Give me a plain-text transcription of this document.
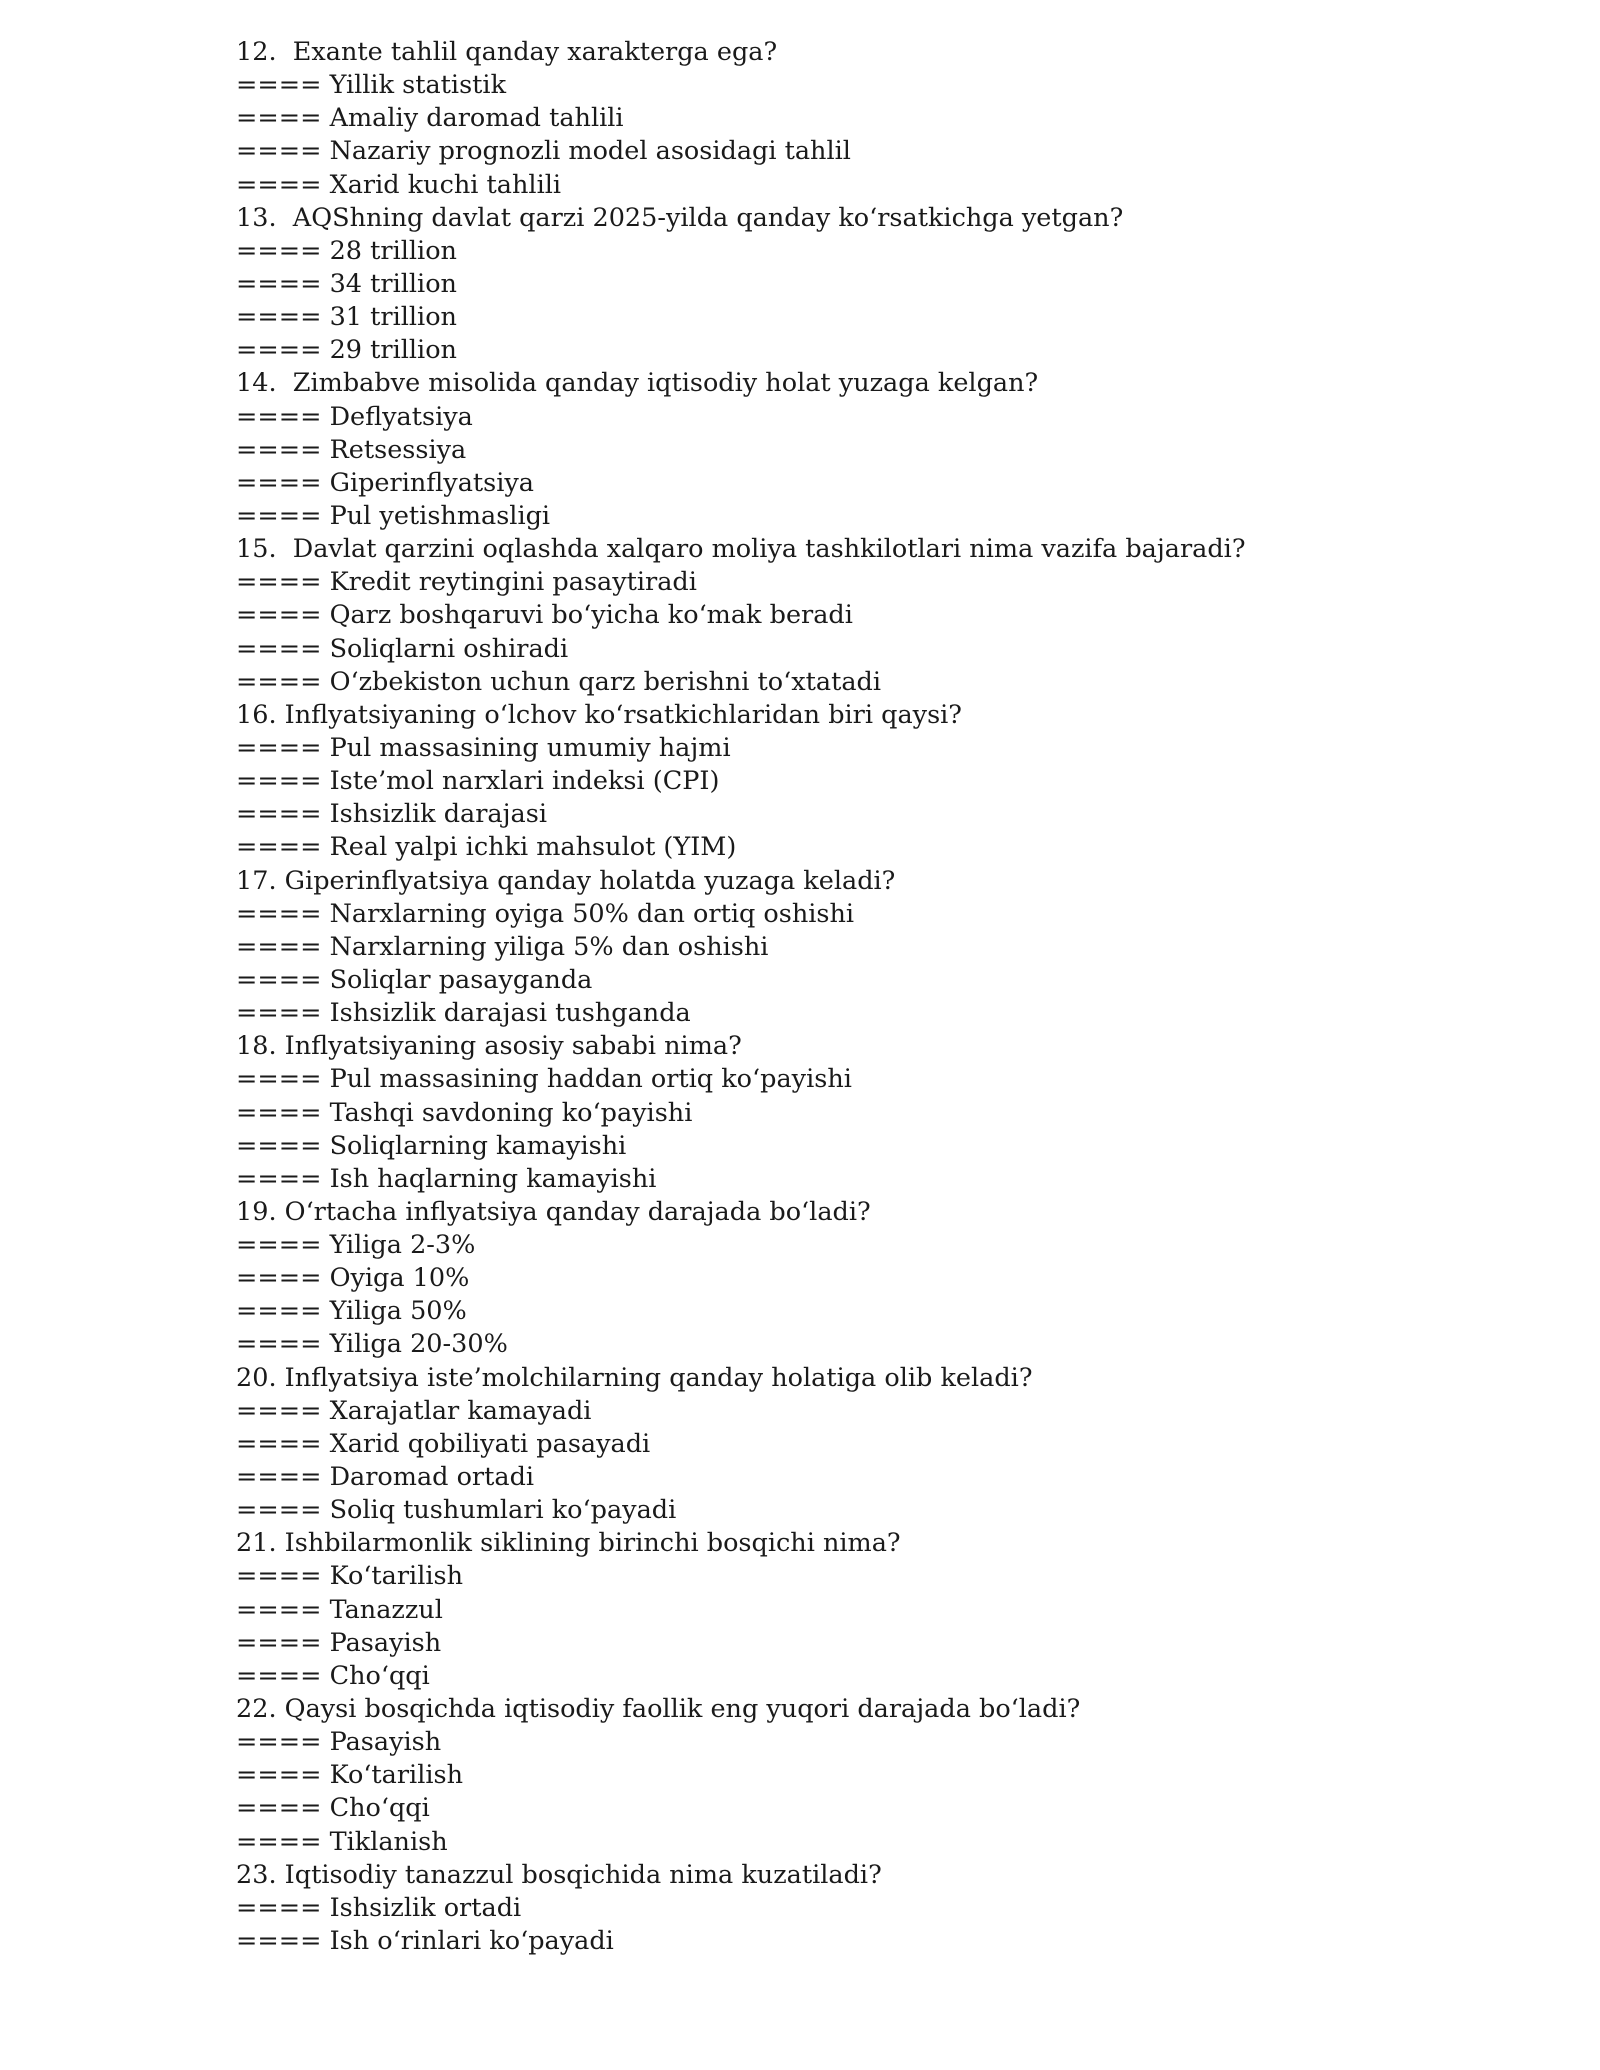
12.  Exante tahlil qanday xarakterga ega?
==== Yillik statistik
==== Amaliy daromad tahlili
==== Nazariy prognozli model asosidagi tahlil
==== Xarid kuchi tahlili
13.  AQShning davlat qarzi 2025-yilda qanday ko‘rsatkichga yetgan?
==== 28 trillion
==== 34 trillion
==== 31 trillion
==== 29 trillion
14.  Zimbabve misolida qanday iqtisodiy holat yuzaga kelgan?
==== Deflyatsiya
==== Retsessiya
==== Giperinflyatsiya
==== Pul yetishmasligi
15.  Davlat qarzini oqlashda xalqaro moliya tashkilotlari nima vazifa bajaradi?
==== Kredit reytingini pasaytiradi
==== Qarz boshqaruvi bo‘yicha ko‘mak beradi
==== Soliqlarni oshiradi
==== O‘zbekiston uchun qarz berishni to‘xtatadi
16. Inflyatsiyaning o‘lchov ko‘rsatkichlaridan biri qaysi?
==== Pul massasining umumiy hajmi
==== Iste’mol narxlari indeksi (CPI)
==== Ishsizlik darajasi
==== Real yalpi ichki mahsulot (YIM)
17. Giperinflyatsiya qanday holatda yuzaga keladi?
==== Narxlarning oyiga 50% dan ortiq oshishi
==== Narxlarning yiliga 5% dan oshishi
==== Soliqlar pasayganda
==== Ishsizlik darajasi tushganda
18. Inflyatsiyaning asosiy sababi nima?
==== Pul massasining haddan ortiq ko‘payishi
==== Tashqi savdoning ko‘payishi
==== Soliqlarning kamayishi
==== Ish haqlarning kamayishi
19. O‘rtacha inflyatsiya qanday darajada bo‘ladi?
==== Yiliga 2-3%
==== Oyiga 10%
==== Yiliga 50%
==== Yiliga 20-30%
20. Inflyatsiya iste’molchilarning qanday holatiga olib keladi?
==== Xarajatlar kamayadi
==== Xarid qobiliyati pasayadi
==== Daromad ortadi
==== Soliq tushumlari ko‘payadi
21. Ishbilarmonlik siklining birinchi bosqichi nima?
==== Ko‘tarilish
==== Tanazzul
==== Pasayish
==== Cho‘qqi
22. Qaysi bosqichda iqtisodiy faollik eng yuqori darajada bo‘ladi?
==== Pasayish
==== Ko‘tarilish
==== Cho‘qqi
==== Tiklanish
23. Iqtisodiy tanazzul bosqichida nima kuzatiladi?
==== Ishsizlik ortadi
==== Ish o‘rinlari ko‘payadi
